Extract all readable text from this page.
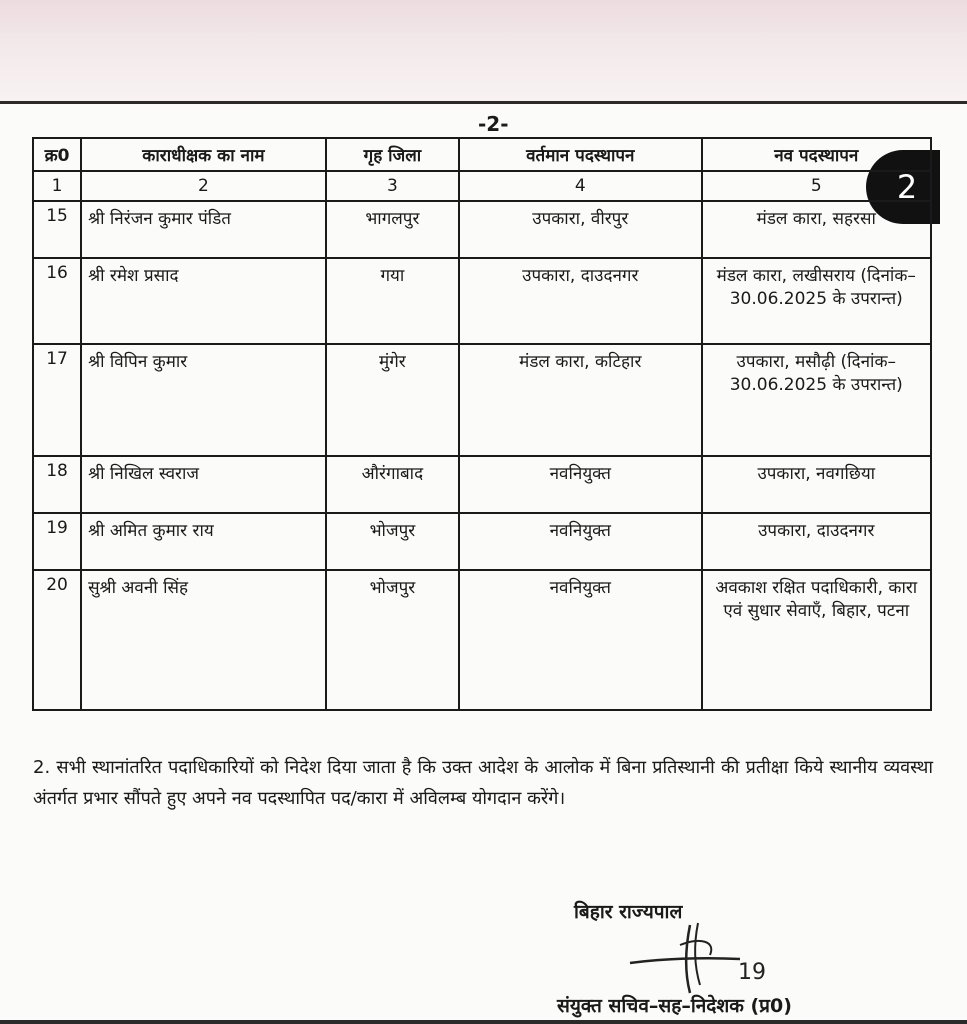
-2-
2
क्र0	काराधीक्षक का नाम	गृह जिला	वर्तमान पदस्थापन	नव पदस्थापन
1	2	3	4	5
15	श्री निरंजन कुमार पंडित	भागलपुर	उपकारा, वीरपुर	मंडल कारा, सहरसा
16	श्री रमेश प्रसाद	गया	उपकारा, दाउदनगर	मंडल कारा, लखीसराय (दिनांक–30.06.2025 के उपरान्त)
17	श्री विपिन कुमार	मुंगेर	मंडल कारा, कटिहार	उपकारा, मसौढ़ी (दिनांक–30.06.2025 के उपरान्त)
18	श्री निखिल स्वराज	औरंगाबाद	नवनियुक्त	उपकारा, नवगछिया
19	श्री अमित कुमार राय	भोजपुर	नवनियुक्त	उपकारा, दाउदनगर
20	सुश्री अवनी सिंह	भोजपुर	नवनियुक्त	अवकाश रक्षित पदाधिकारी, कारा एवं सुधार सेवाएँ, बिहार, पटना
2. सभी स्थानांतरित पदाधिकारियों को निदेश दिया जाता है कि उक्त आदेश के आलोक में बिना प्रतिस्थानी की प्रतीक्षा किये स्थानीय व्यवस्था अंतर्गत प्रभार सौंपते हुए अपने नव पदस्थापित पद/कारा में अविलम्ब योगदान करेंगे।
बिहार राज्यपाल
19
संयुक्त सचिव–सह–निदेशक (प्र0)
